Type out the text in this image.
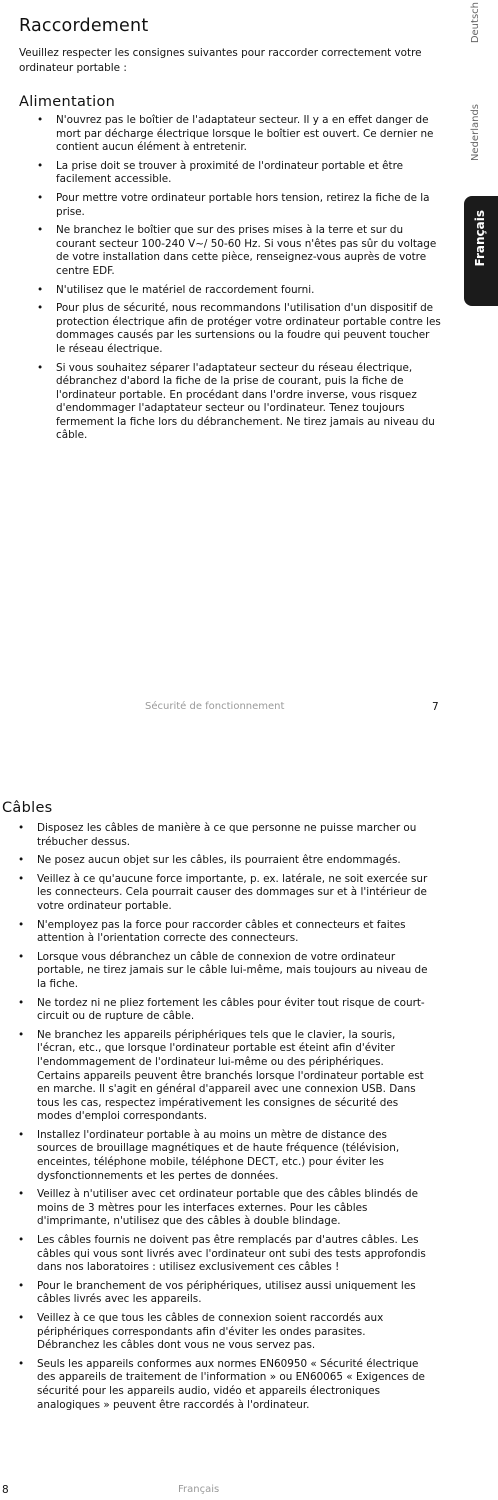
Raccordement

Veuillez respecter les consignes suivantes pour raccorder correctement votre ordinateur portable :

Alimentation
• N'ouvrez pas le boîtier de l'adaptateur secteur. Il y a en effet danger de mort par décharge électrique lorsque le boîtier est ouvert. Ce dernier ne contient aucun élément à entretenir.
• La prise doit se trouver à proximité de l'ordinateur portable et être facilement accessible.
• Pour mettre votre ordinateur portable hors tension, retirez la fiche de la prise.
• Ne branchez le boîtier que sur des prises mises à la terre et sur du courant secteur 100-240 V~/ 50-60 Hz. Si vous n'êtes pas sûr du voltage de votre installation dans cette pièce, renseignez-vous auprès de votre centre EDF.
• N'utilisez que le matériel de raccordement fourni.
• Pour plus de sécurité, nous recommandons l'utilisation d'un dispositif de protection électrique afin de protéger votre ordinateur portable contre les dommages causés par les surtensions ou la foudre qui peuvent toucher le réseau électrique.
• Si vous souhaitez séparer l'adaptateur secteur du réseau électrique, débranchez d'abord la fiche de la prise de courant, puis la fiche de l'ordinateur portable. En procédant dans l'ordre inverse, vous risquez d'endommager l'adaptateur secteur ou l'ordinateur. Tenez toujours fermement la fiche lors du débranchement. Ne tirez jamais au niveau du câble.
Deutsch
Nederlands
Français
Sécurité de fonctionnement	7
Câbles
• Disposez les câbles de manière à ce que personne ne puisse marcher ou trébucher dessus.
• Ne posez aucun objet sur les câbles, ils pourraient être endommagés.
• Veillez à ce qu'aucune force importante, p. ex. latérale, ne soit exercée sur les connecteurs. Cela pourrait causer des dommages sur et à l'intérieur de votre ordinateur portable.
• N'employez pas la force pour raccorder câbles et connecteurs et faites attention à l'orientation correcte des connecteurs.
• Lorsque vous débranchez un câble de connexion de votre ordinateur portable, ne tirez jamais sur le câble lui-même, mais toujours au niveau de la fiche.
• Ne tordez ni ne pliez fortement les câbles pour éviter tout risque de court-circuit ou de rupture de câble.
• Ne branchez les appareils périphériques tels que le clavier, la souris, l'écran, etc., que lorsque l'ordinateur portable est éteint afin d'éviter l'endommagement de l'ordinateur lui-même ou des périphériques. Certains appareils peuvent être branchés lorsque l'ordinateur portable est en marche. Il s'agit en général d'appareil avec une connexion USB. Dans tous les cas, respectez impérativement les consignes de sécurité des modes d'emploi correspondants.
• Installez l'ordinateur portable à au moins un mètre de distance des sources de brouillage magnétiques et de haute fréquence (télévision, enceintes, téléphone mobile, téléphone DECT, etc.) pour éviter les dysfonctionnements et les pertes de données.
• Veillez à n'utiliser avec cet ordinateur portable que des câbles blindés de moins de 3 mètres pour les interfaces externes. Pour les câbles d'imprimante, n'utilisez que des câbles à double blindage.
• Les câbles fournis ne doivent pas être remplacés par d'autres câbles. Les câbles qui vous sont livrés avec l'ordinateur ont subi des tests approfondis dans nos laboratoires : utilisez exclusivement ces câbles !
• Pour le branchement de vos périphériques, utilisez aussi uniquement les câbles livrés avec les appareils.
• Veillez à ce que tous les câbles de connexion soient raccordés aux périphériques correspondants afin d'éviter les ondes parasites. Débranchez les câbles dont vous ne vous servez pas.
• Seuls les appareils conformes aux normes EN60950 « Sécurité électrique des appareils de traitement de l'information » ou EN60065 « Exigences de sécurité pour les appareils audio, vidéo et appareils électroniques analogiques » peuvent être raccordés à l'ordinateur.
8	Français
